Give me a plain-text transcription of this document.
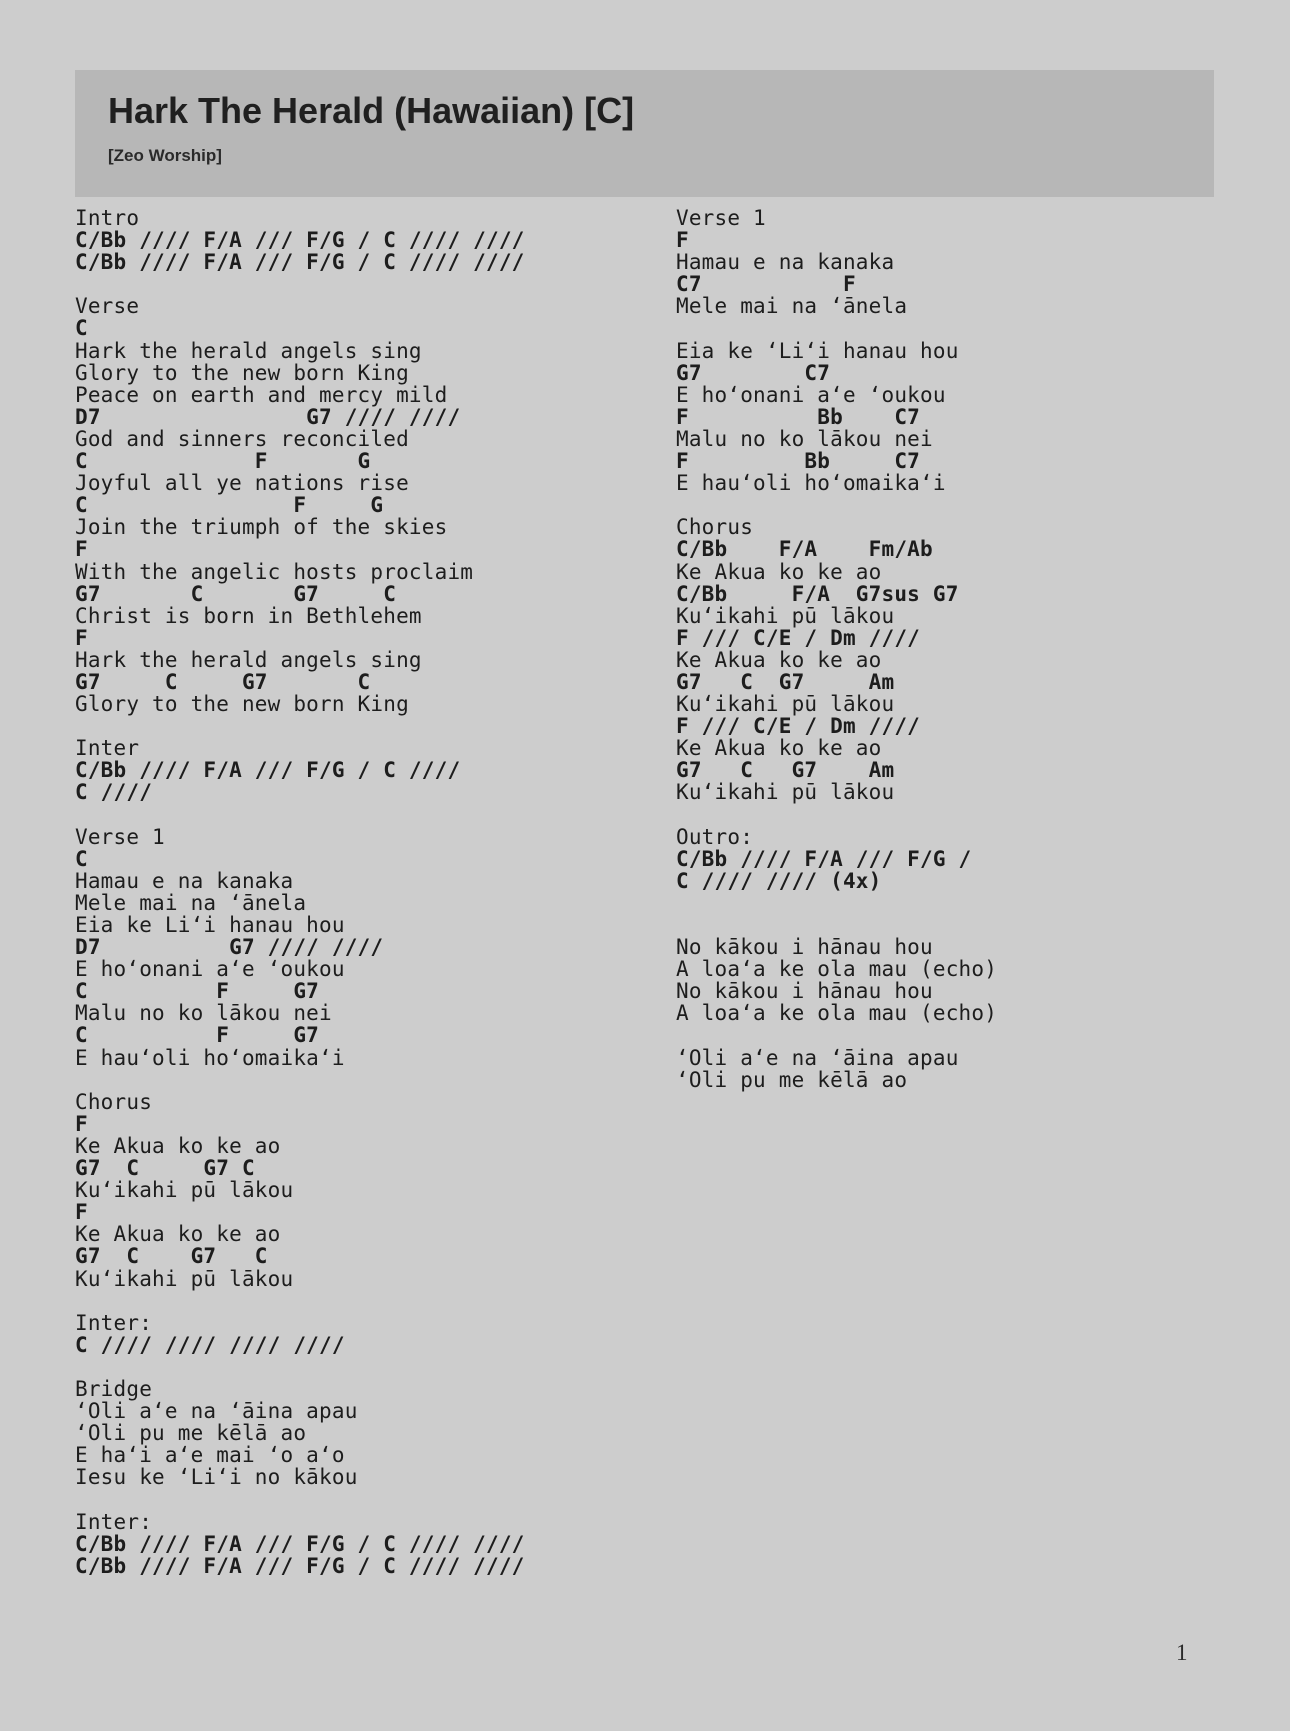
Hark The Herald (Hawaiian) [C]
[Zeo Worship]
Intro
C/Bb //// F/A /// F/G / C //// ////
C/Bb //// F/A /// F/G / C //// ////
Verse
C
Hark the herald angels sing
Glory to the new born King
Peace on earth and mercy mild
D7                G7 //// ////
God and sinners reconciled
C             F       G
Joyful all ye nations rise
C                F     G
Join the triumph of the skies
F
With the angelic hosts proclaim
G7       C       G7     C
Christ is born in Bethlehem
F
Hark the herald angels sing
G7     C     G7       C
Glory to the new born King
Inter
C/Bb //// F/A /// F/G / C ////
C ////
Verse 1
C
Hamau e na kanaka
Mele mai na ʻānela
Eia ke Liʻi hanau hou
D7          G7 //// ////
E hoʻonani aʻe ʻoukou
C          F     G7
Malu no ko lākou nei
C          F     G7
E hauʻoli hoʻomaikaʻi
Chorus
F
Ke Akua ko ke ao
G7  C     G7 C
Kuʻikahi pū lākou
F
Ke Akua ko ke ao
G7  C    G7   C
Kuʻikahi pū lākou
Inter:
C //// //// //// ////
Bridge
ʻOli aʻe na ʻāina apau
ʻOli pu me kēlā ao
E haʻi aʻe mai ʻo aʻo
Iesu ke ʻLiʻi no kākou
Inter:
C/Bb //// F/A /// F/G / C //// ////
C/Bb //// F/A /// F/G / C //// ////
Verse 1
F
Hamau e na kanaka
C7           F
Mele mai na ʻānela
Eia ke ʻLiʻi hanau hou
G7        C7
E hoʻonani aʻe ʻoukou
F          Bb    C7
Malu no ko lākou nei
F         Bb     C7
E hauʻoli hoʻomaikaʻi
Chorus
C/Bb    F/A    Fm/Ab
Ke Akua ko ke ao
C/Bb     F/A  G7sus G7
Kuʻikahi pū lākou
F /// C/E / Dm ////
Ke Akua ko ke ao
G7   C  G7     Am
Kuʻikahi pū lākou
F /// C/E / Dm ////
Ke Akua ko ke ao
G7   C   G7    Am
Kuʻikahi pū lākou
Outro:
C/Bb //// F/A /// F/G /
C //// //// (4x)
No kākou i hānau hou
A loaʻa ke ola mau (echo)
No kākou i hānau hou
A loaʻa ke ola mau (echo)
ʻOli aʻe na ʻāina apau
ʻOli pu me kēlā ao
1
